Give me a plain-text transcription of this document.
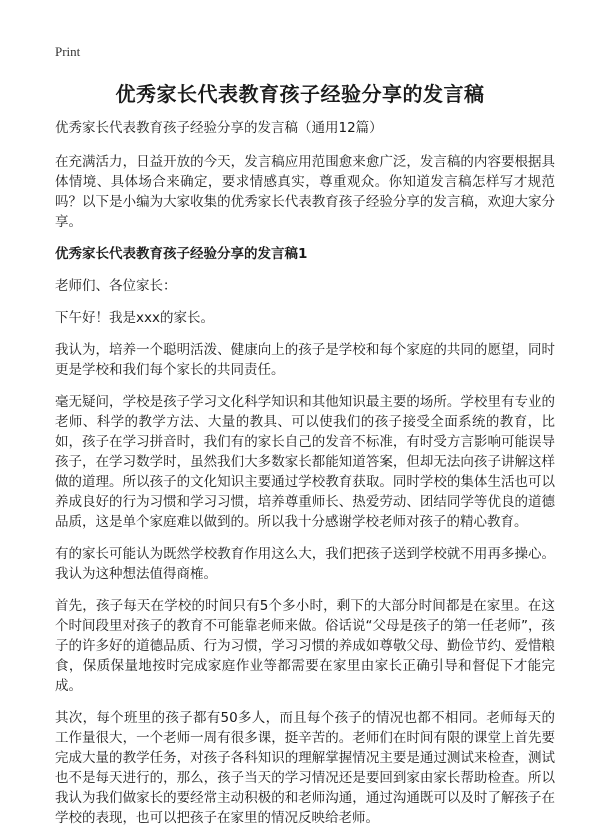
Print
优秀家长代表教育孩子经验分享的发言稿

优秀家长代表教育孩子经验分享的发言稿（通用12篇）

在充满活力，日益开放的今天，发言稿应用范围愈来愈广泛，发言稿的内容要根据具体情境、具体场合来确定，要求情感真实，尊重观众。你知道发言稿怎样写才规范吗？以下是小编为大家收集的优秀家长代表教育孩子经验分享的发言稿，欢迎大家分享。

优秀家长代表教育孩子经验分享的发言稿1

老师们、各位家长：

下午好！我是xxx的家长。

我认为，培养一个聪明活泼、健康向上的孩子是学校和每个家庭的共同的愿望，同时更是学校和我们每个家长的共同责任。

毫无疑问，学校是孩子学习文化科学知识和其他知识最主要的场所。学校里有专业的老师、科学的教学方法、大量的教具、可以使我们的孩子接受全面系统的教育，比如，孩子在学习拼音时，我们有的家长自己的发音不标准，有时受方言影响可能误导孩子，在学习数学时，虽然我们大多数家长都能知道答案，但却无法向孩子讲解这样做的道理。所以孩子的文化知识主要通过学校教育获取。同时学校的集体生活也可以养成良好的行为习惯和学习习惯，培养尊重师长、热爱劳动、团结同学等优良的道德品质，这是单个家庭难以做到的。所以我十分感谢学校老师对孩子的精心教育。

有的家长可能认为既然学校教育作用这么大，我们把孩子送到学校就不用再多操心。我认为这种想法值得商榷。

首先，孩子每天在学校的时间只有5个多小时，剩下的大部分时间都是在家里。在这个时间段里对孩子的教育不可能靠老师来做。俗话说“父母是孩子的第一任老师”，孩子的许多好的道德品质、行为习惯，学习习惯的养成如尊敬父母、勤俭节约、爱惜粮食，保质保量地按时完成家庭作业等都需要在家里由家长正确引导和督促下才能完成。

其次，每个班里的孩子都有50多人，而且每个孩子的情况也都不相同。老师每天的工作量很大，一个老师一周有很多课，挺辛苦的。老师们在时间有限的课堂上首先要完成大量的教学任务，对孩子各科知识的理解掌握情况主要是通过测试来检查，测试也不是每天进行的，那么，孩子当天的学习情况还是要回到家由家长帮助检查。所以我认为我们做家长的要经常主动积极的和老师沟通，通过沟通既可以及时了解孩子在学校的表现，也可以把孩子在家里的情况反映给老师。
